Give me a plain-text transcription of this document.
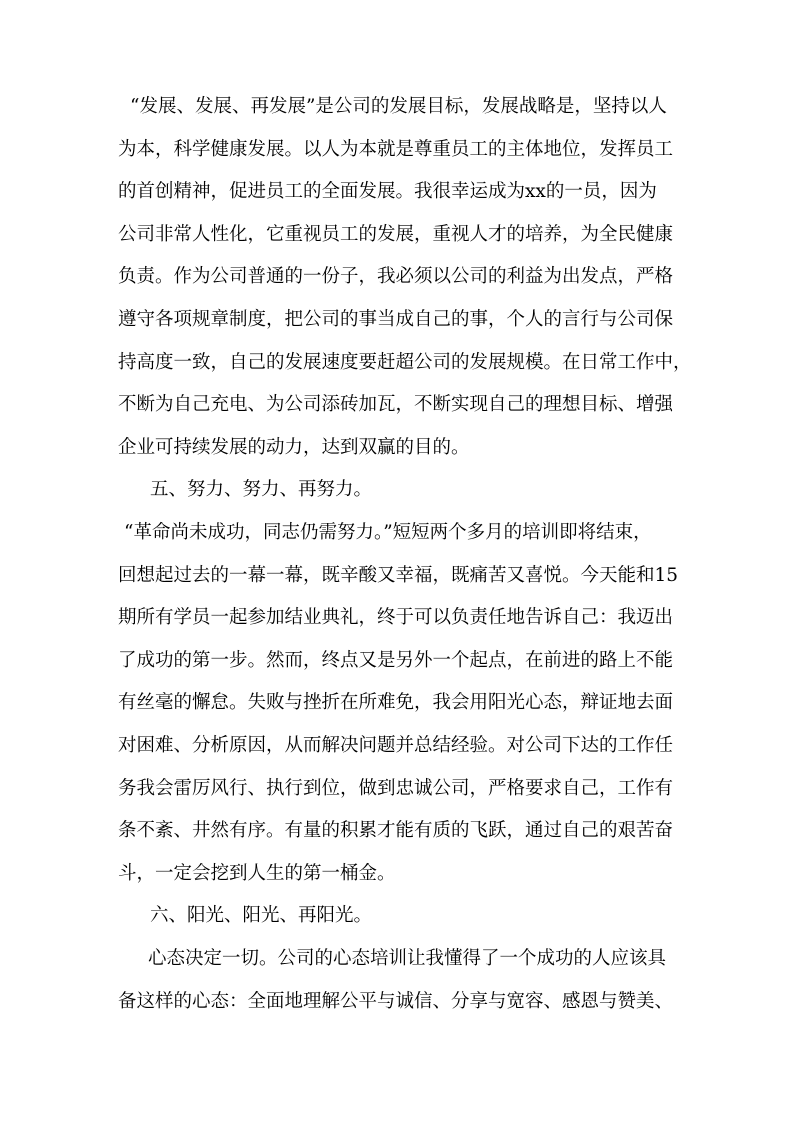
“发展、发展、再发展”是公司的发展目标，发展战略是，坚持以人
为本，科学健康发展。以人为本就是尊重员工的主体地位，发挥员工
的首创精神，促进员工的全面发展。我很幸运成为xx的一员，因为
公司非常人性化，它重视员工的发展，重视人才的培养，为全民健康
负责。作为公司普通的一份子，我必须以公司的利益为出发点，严格
遵守各项规章制度，把公司的事当成自己的事，个人的言行与公司保
持高度一致，自己的发展速度要赶超公司的发展规模。在日常工作中，
不断为自己充电、为公司添砖加瓦，不断实现自己的理想目标、增强
企业可持续发展的动力，达到双赢的目的。
五、努力、努力、再努力。
“革命尚未成功，同志仍需努力。”短短两个多月的培训即将结束，
回想起过去的一幕一幕，既辛酸又幸福，既痛苦又喜悦。今天能和15
期所有学员一起参加结业典礼，终于可以负责任地告诉自己：我迈出
了成功的第一步。然而，终点又是另外一个起点，在前进的路上不能
有丝毫的懈怠。失败与挫折在所难免，我会用阳光心态，辩证地去面
对困难、分析原因，从而解决问题并总结经验。对公司下达的工作任
务我会雷厉风行、执行到位，做到忠诚公司，严格要求自己，工作有
条不紊、井然有序。有量的积累才能有质的飞跃，通过自己的艰苦奋
斗，一定会挖到人生的第一桶金。
六、阳光、阳光、再阳光。
心态决定一切。公司的心态培训让我懂得了一个成功的人应该具
备这样的心态：全面地理解公平与诚信、分享与宽容、感恩与赞美、
